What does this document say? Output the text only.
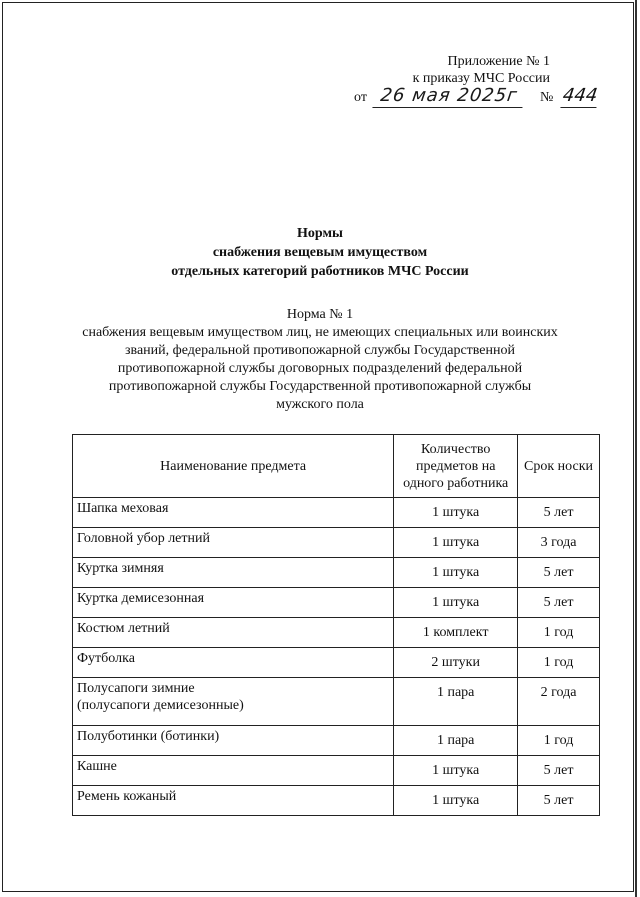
Приложение № 1
к приказу МЧС России
от 26 мая 2025г	№ 444
Нормы
снабжения вещевым имуществом
отдельных категорий работников МЧС России
Норма № 1
снабжения вещевым имуществом лиц, не имеющих специальных или воинских
званий, федеральной противопожарной службы Государственной
противопожарной службы договорных подразделений федеральной
противопожарной службы Государственной противопожарной службы
мужского пола
Наименование предмета	Количество предметов на одного работника	Срок носки
Шапка меховая	1 штука	5 лет
Головной убор летний	1 штука	3 года
Куртка зимняя	1 штука	5 лет
Куртка демисезонная	1 штука	5 лет
Костюм летний	1 комплект	1 год
Футболка	2 штуки	1 год

Полусапоги зимние
(полусапоги демисезонные)	1 пара	2 года
Полуботинки (ботинки)	1 пара	1 год
Кашне	1 штука	5 лет
Ремень кожаный	1 штука	5 лет
